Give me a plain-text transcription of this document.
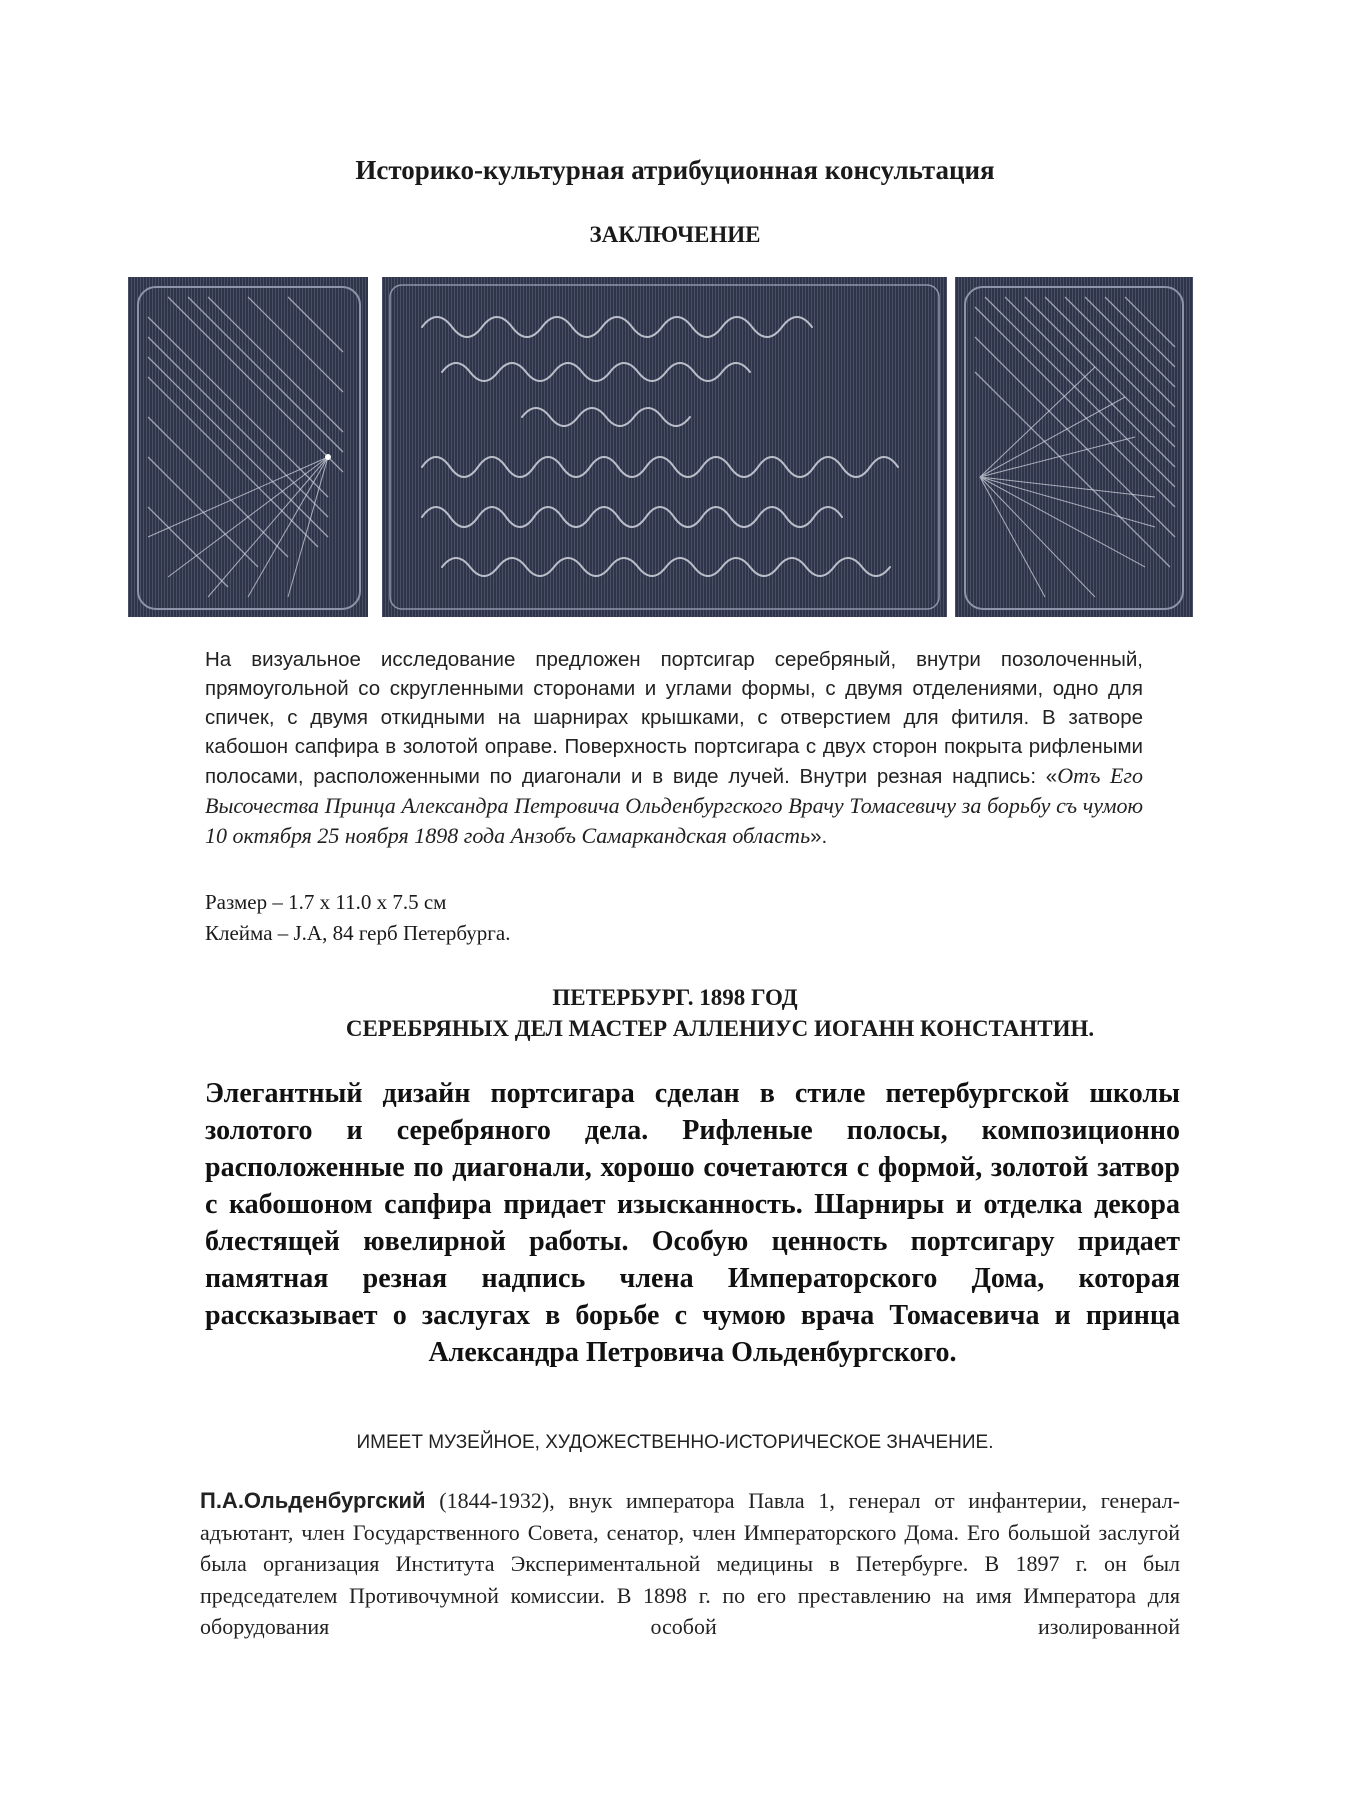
Историко-культурная атрибуционная консультация
ЗАКЛЮЧЕНИЕ
На визуальное исследование предложен портсигар серебряный, внутри позолоченный, прямоугольной со скругленными сторонами и углами формы, с двумя отделениями, одно для спичек, с двумя откидными на шарнирах крышками, с отверстием для фитиля. В затворе кабошон сапфира в золотой оправе. Поверхность портсигара с двух сторон покрыта рифлеными полосами, расположенными по диагонали и в виде лучей. Внутри резная надпись: «Отъ Его Высочества Принца Александра Петровича Ольденбургского Врачу Томасевичу за борьбу съ чумою 10 октября 25 ноября 1898 года Анзобъ Самаркандская область».
Размер – 1.7 х 11.0 х 7.5 см
Клейма – J.A, 84 герб Петербурга.
ПЕТЕРБУРГ. 1898 ГОД
СЕРЕБРЯНЫХ ДЕЛ МАСТЕР АЛЛЕНИУС ИОГАНН КОНСТАНТИН.
Элегантный дизайн портсигара сделан в стиле петербургской школы золотого и серебряного дела. Рифленые полосы, композиционно расположенные по диагонали, хорошо сочетаются с формой, золотой затвор с кабошоном сапфира придает изысканность. Шарниры и отделка декора блестящей ювелирной работы. Особую ценность портсигару придает памятная резная надпись члена Императорского Дома, которая рассказывает о заслугах в борьбе с чумою врача Томасевича и принца Александра Петровича Ольденбургского.
ИМЕЕТ МУЗЕЙНОЕ, ХУДОЖЕСТВЕННО-ИСТОРИЧЕСКОЕ ЗНАЧЕНИЕ.
П.А.Ольденбургский (1844-1932), внук императора Павла 1, генерал от инфантерии, генерал-адъютант, член Государственного Совета, сенатор, член Императорского Дома. Его большой заслугой была организация Института Экспериментальной медицины в Петербурге. В 1897 г. он был председателем Противочумной комиссии. В 1898 г. по его преставлению на имя Императора для оборудования особой изолированной
